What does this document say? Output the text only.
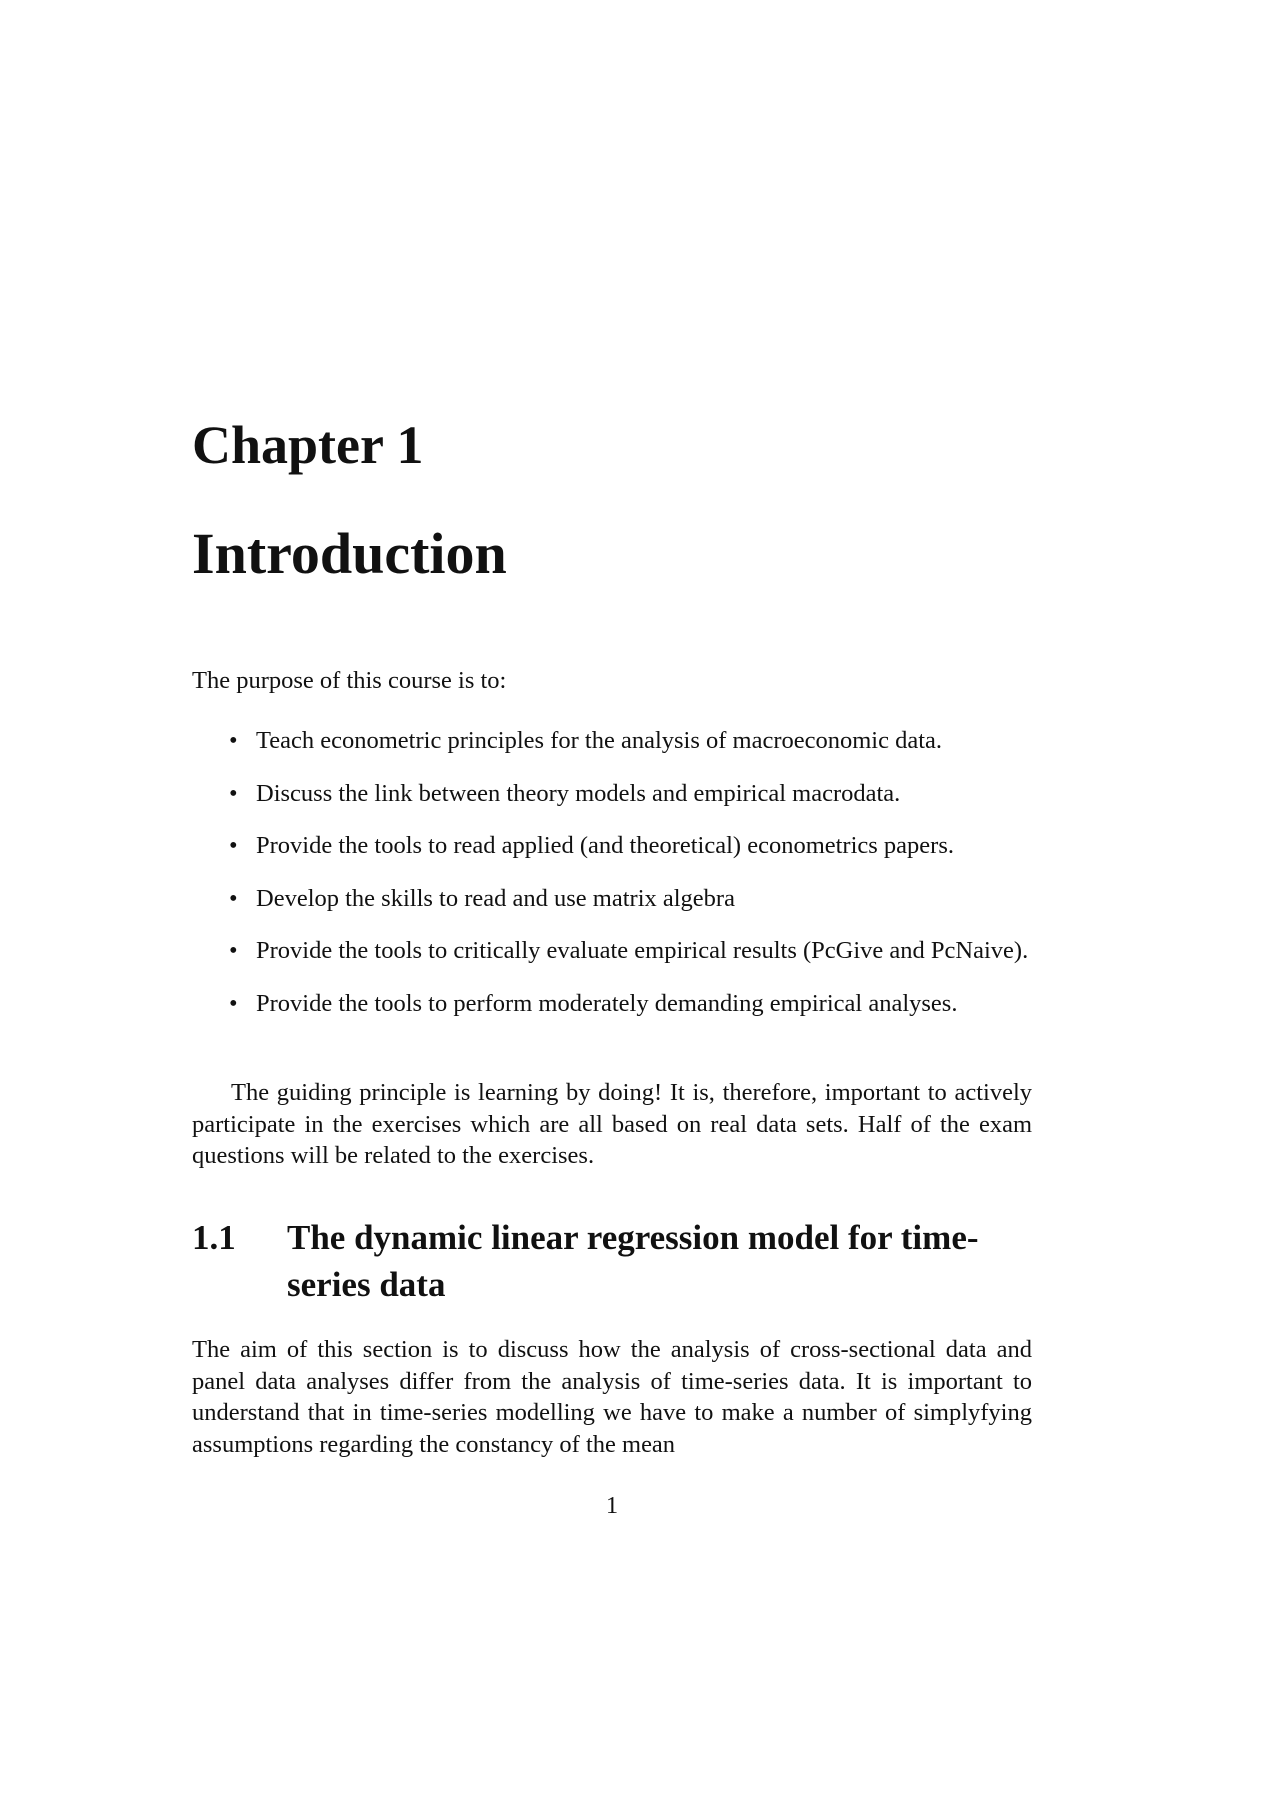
Chapter 1
Introduction

The purpose of this course is to:

• Teach econometric principles for the analysis of macroeconomic data.
• Discuss the link between theory models and empirical macrodata.
• Provide the tools to read applied (and theoretical) econometrics papers.
• Develop the skills to read and use matrix algebra
• Provide the tools to critically evaluate empirical results (PcGive and PcNaive).
• Provide the tools to perform moderately demanding empirical analyses.

The guiding principle is learning by doing! It is, therefore, important to actively participate in the exercises which are all based on real data sets. Half of the exam questions will be related to the exercises.

1.1 The dynamic linear regression model for time-series data

The aim of this section is to discuss how the analysis of cross-sectional data and panel data analyses differ from the analysis of time-series data. It is important to understand that in time-series modelling we have to make a number of simplyfying assumptions regarding the constancy of the mean

1
